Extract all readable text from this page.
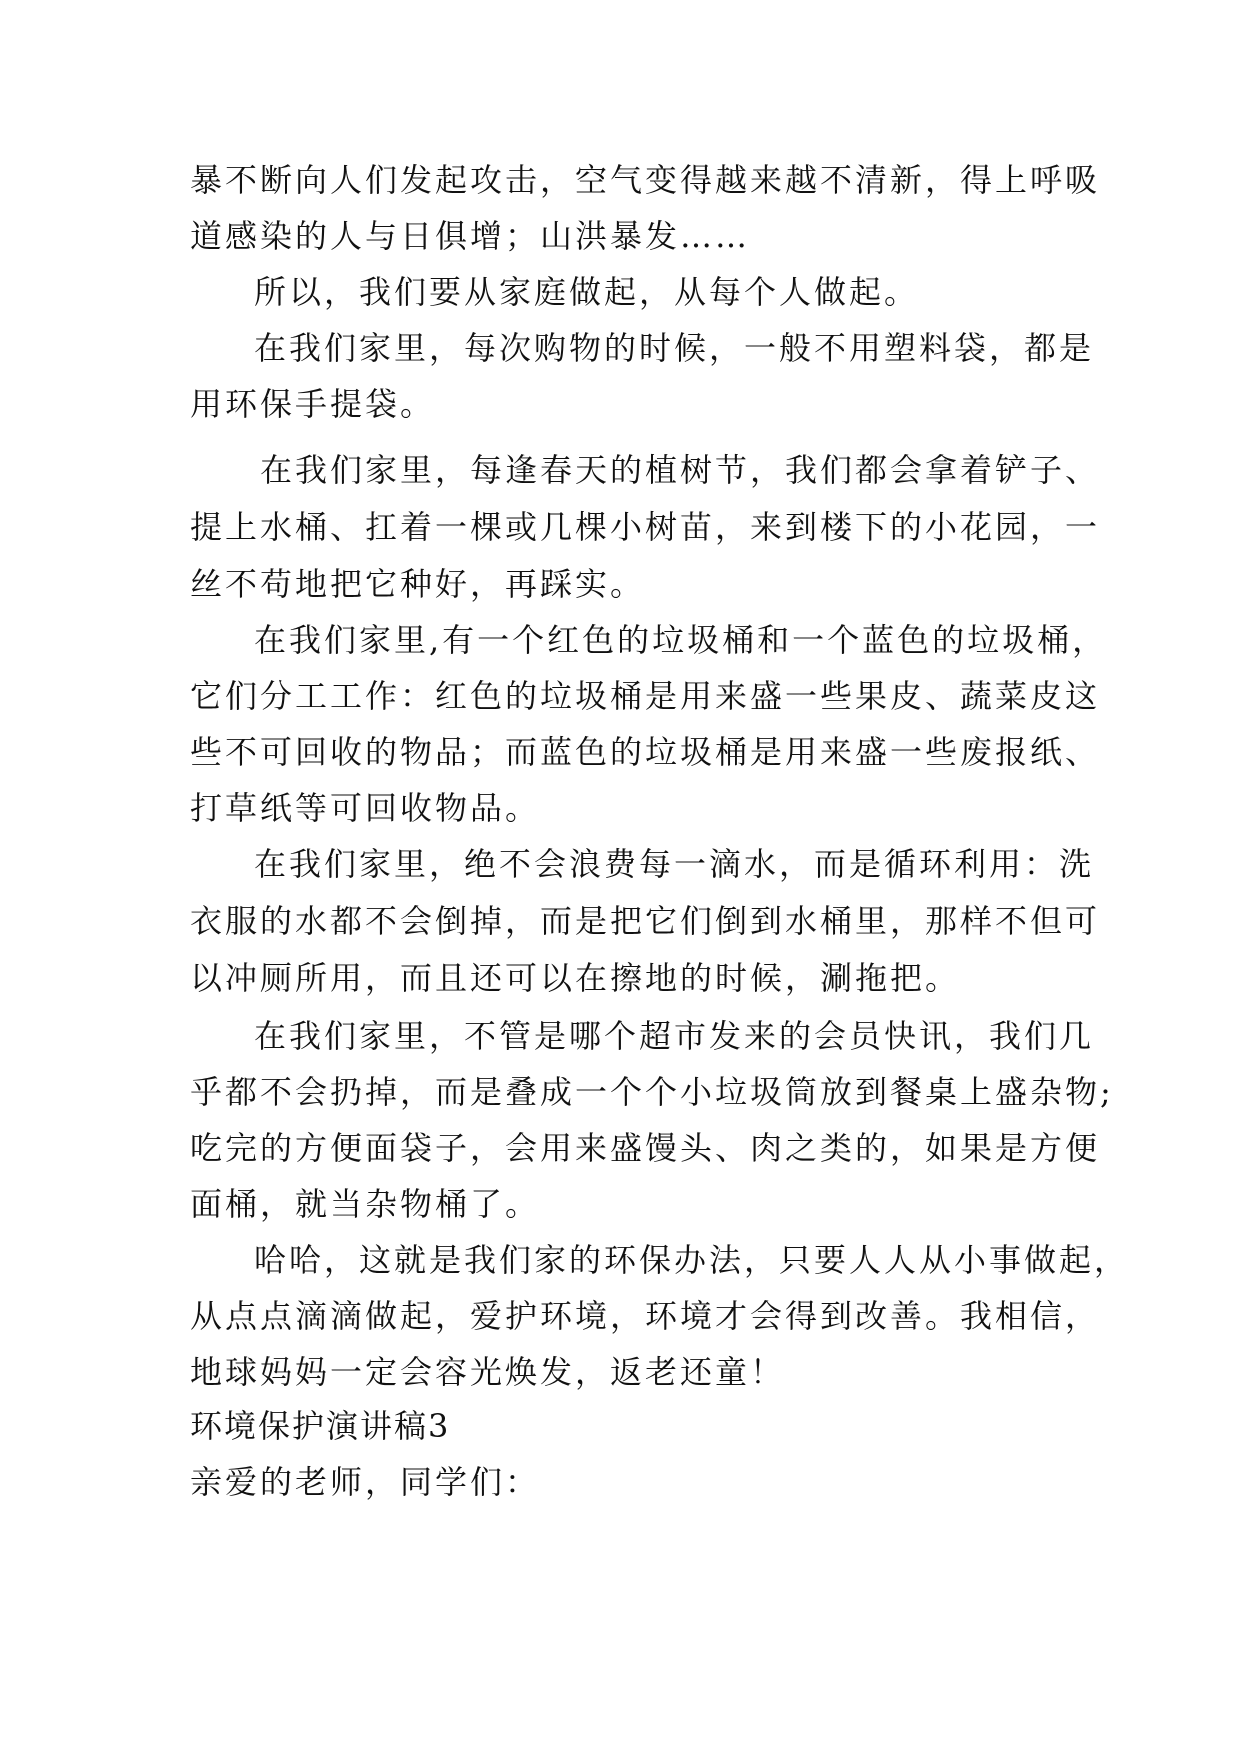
暴不断向人们发起攻击，空气变得越来越不清新，得上呼吸
道感染的人与日俱增；山洪暴发……
所以，我们要从家庭做起，从每个人做起。
在我们家里，每次购物的时候，一般不用塑料袋，都是
用环保手提袋。
在我们家里，每逢春天的植树节，我们都会拿着铲子、
提上水桶、扛着一棵或几棵小树苗，来到楼下的小花园，一
丝不苟地把它种好，再踩实。
在我们家里,有一个红色的垃圾桶和一个蓝色的垃圾桶，
它们分工工作：红色的垃圾桶是用来盛一些果皮、蔬菜皮这
些不可回收的物品；而蓝色的垃圾桶是用来盛一些废报纸、
打草纸等可回收物品。
在我们家里，绝不会浪费每一滴水，而是循环利用：洗
衣服的水都不会倒掉，而是把它们倒到水桶里，那样不但可
以冲厕所用，而且还可以在擦地的时候，涮拖把。
在我们家里，不管是哪个超市发来的会员快讯，我们几
乎都不会扔掉，而是叠成一个个小垃圾筒放到餐桌上盛杂物;
吃完的方便面袋子，会用来盛馒头、肉之类的，如果是方便
面桶，就当杂物桶了。
哈哈，这就是我们家的环保办法，只要人人从小事做起，
从点点滴滴做起，爱护环境，环境才会得到改善。我相信，
地球妈妈一定会容光焕发，返老还童！
环境保护演讲稿3
亲爱的老师，同学们：
